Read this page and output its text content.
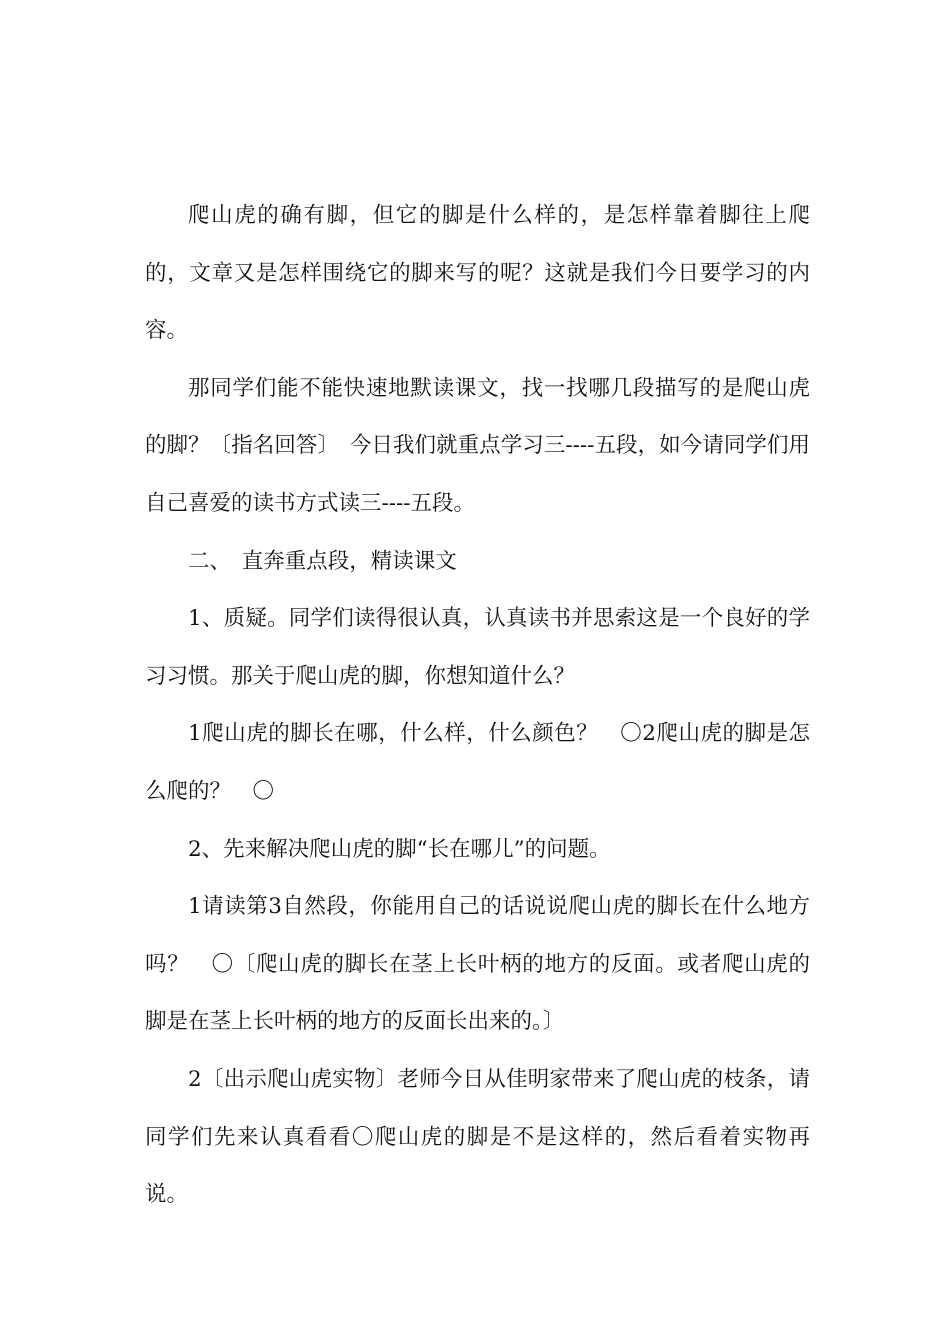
爬山虎的确有脚，但它的脚是什么样的，是怎样靠着脚往上爬的，文章又是怎样围绕它的脚来写的呢？这就是我们今日要学习的内容。

那同学们能不能快速地默读课文，找一找哪几段描写的是爬山虎的脚？〔指名回答〕　今日我们就重点学习三----五段，如今请同学们用自己喜爱的读书方式读三----五段。

二、　直奔重点段，精读课文

1、质疑。同学们读得很认真，认真读书并思索这是一个良好的学习习惯。那关于爬山虎的脚，你想知道什么？

1爬山虎的脚长在哪，什么样，什么颜色？　〇2爬山虎的脚是怎么爬的？　〇

2、先来解决爬山虎的脚“长在哪儿”的问题。

1请读第3自然段，你能用自己的话说说爬山虎的脚长在什么地方吗？　〇〔爬山虎的脚长在茎上长叶柄的地方的反面。或者爬山虎的脚是在茎上长叶柄的地方的反面长出来的。〕

2〔出示爬山虎实物〕老师今日从佳明家带来了爬山虎的枝条，请同学们先来认真看看〇爬山虎的脚是不是这样的，然后看着实物再说。
